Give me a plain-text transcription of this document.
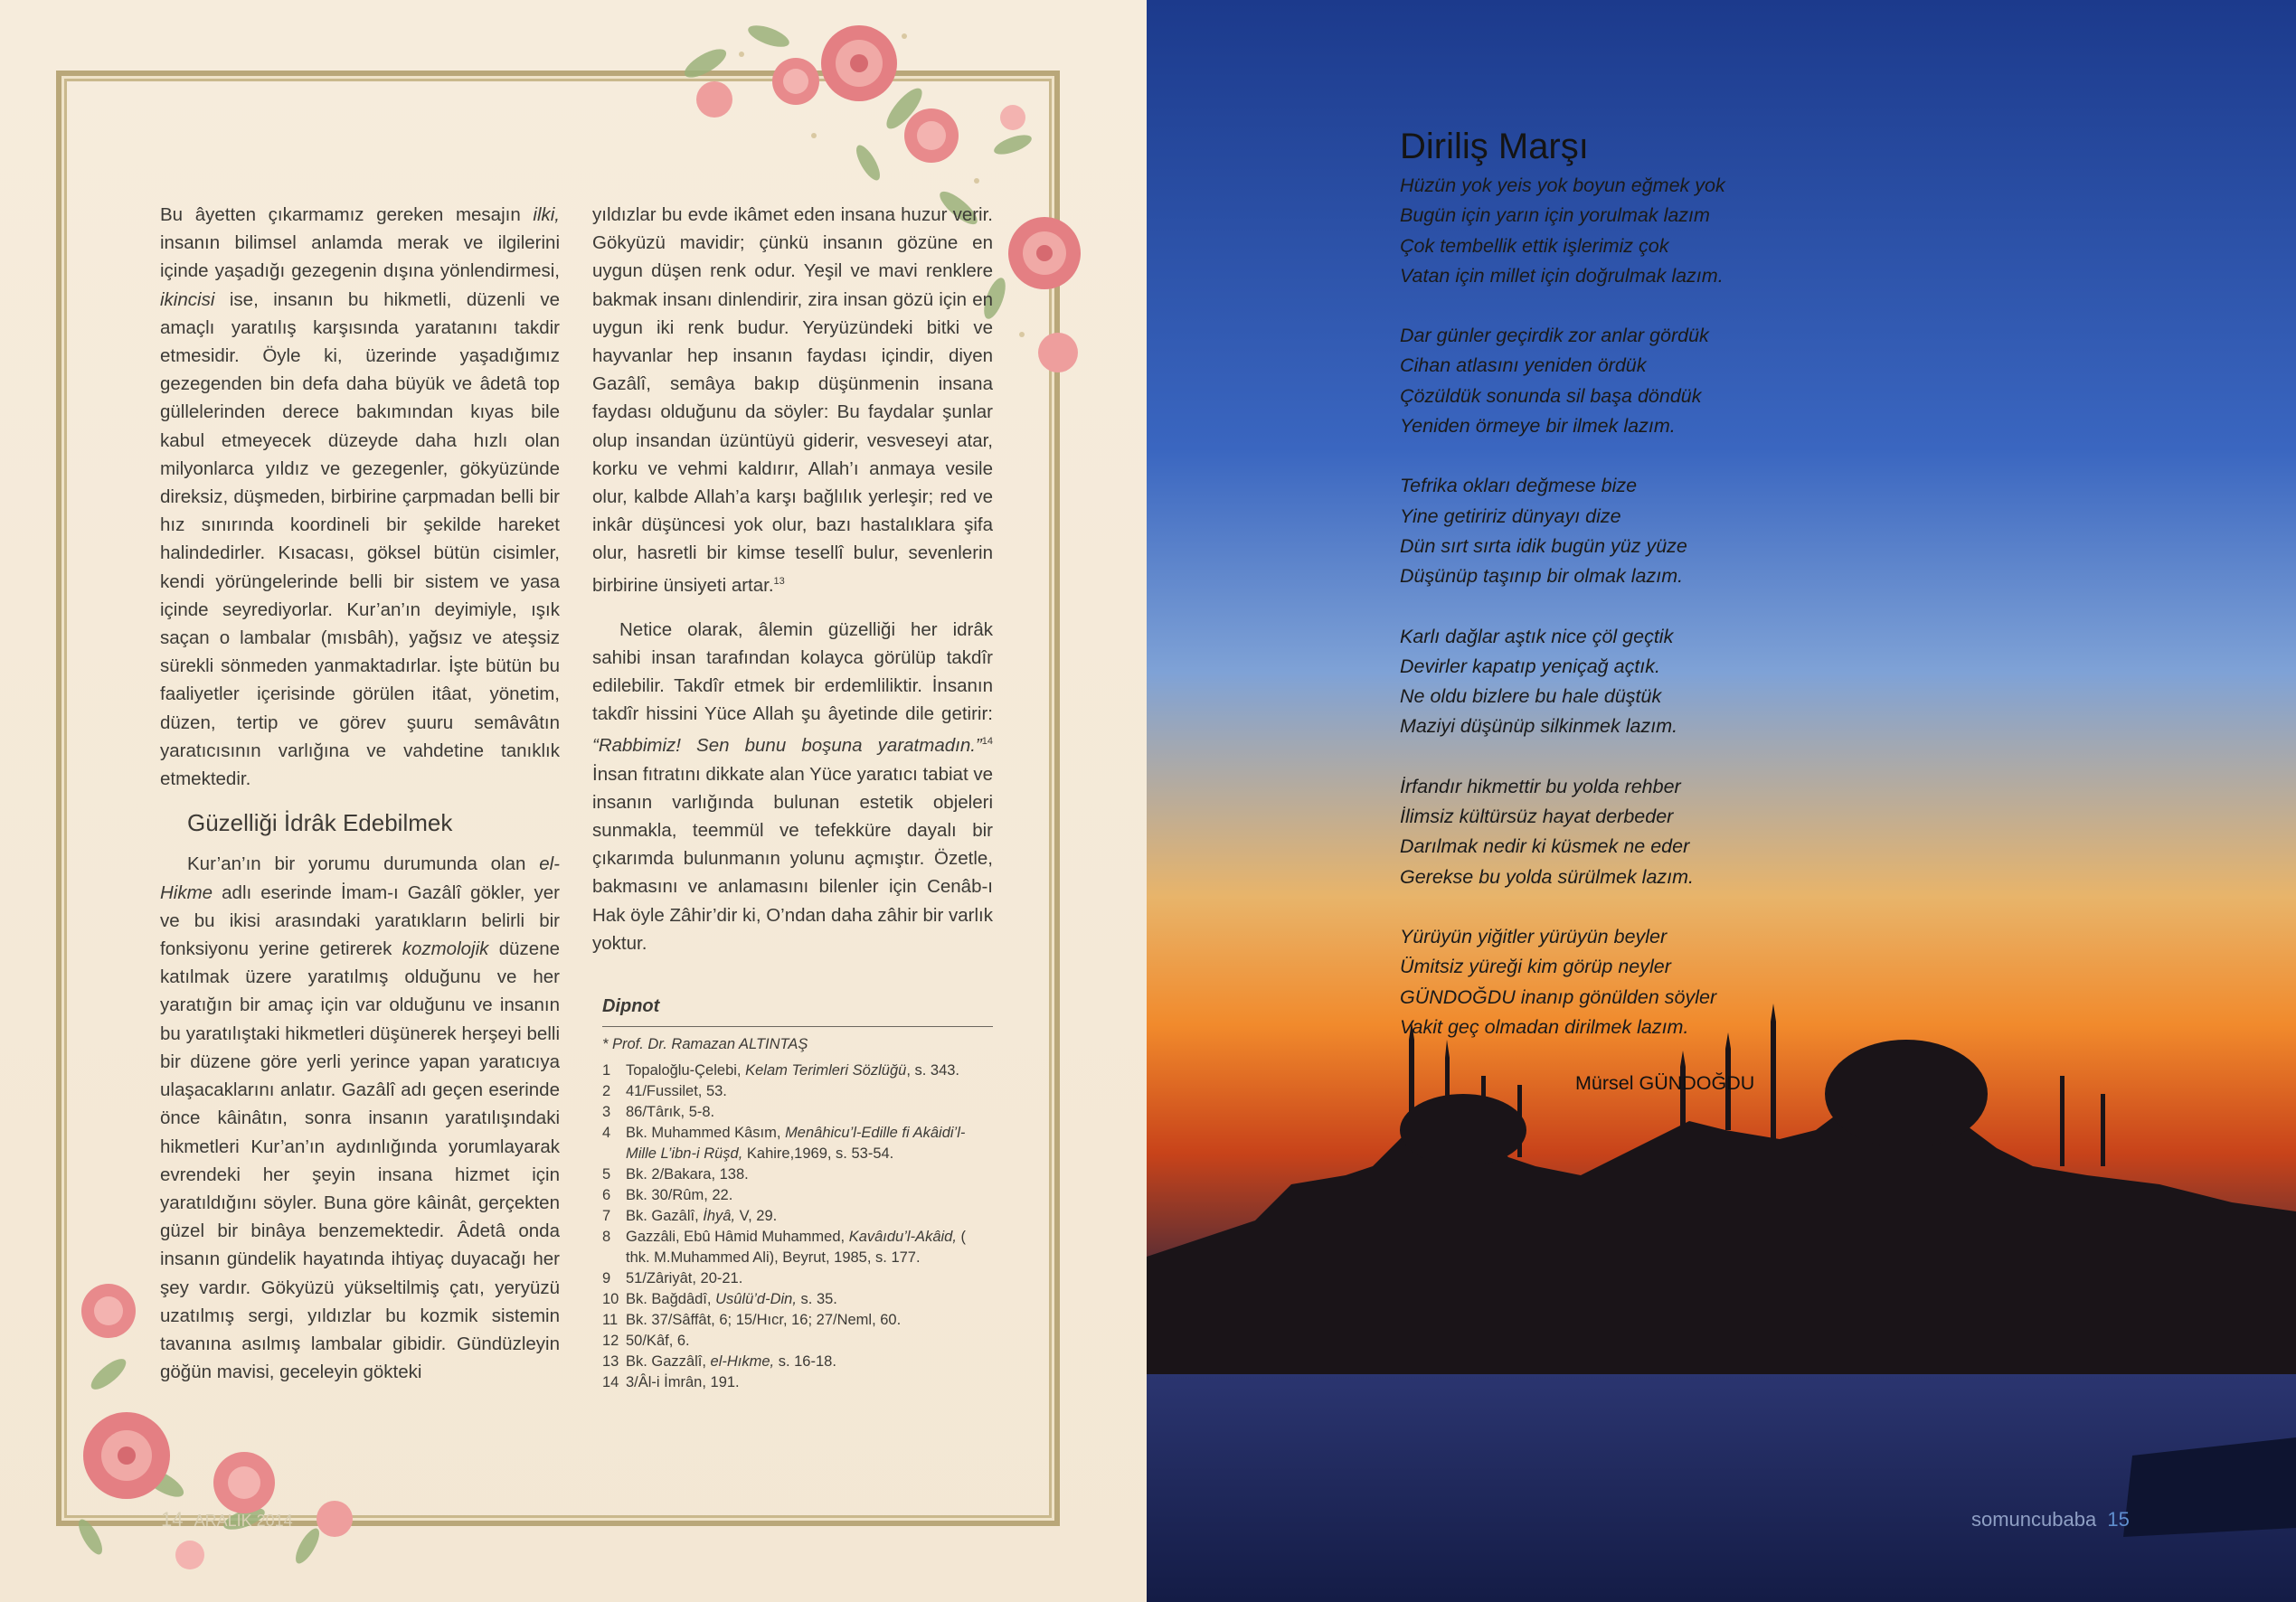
Bu âyetten çıkarmamız gereken mesajın ilki, insanın bilimsel anlamda merak ve ilgilerini içinde yaşadığı gezegenin dışına yönlendirmesi, ikincisi ise, insanın bu hikmetli, düzenli ve amaçlı yaratılış karşısında yaratanını takdir etmesidir. Öyle ki, üzerinde yaşadığımız gezegenden bin defa daha büyük ve âdetâ top güllelerinden derece bakımından kıyas bile kabul etmeyecek düzeyde daha hızlı olan milyonlarca yıldız ve gezegenler, gökyüzünde direksiz, düşmeden, birbirine çarpmadan belli bir hız sınırında koordineli bir şekilde hareket halindedirler. Kısacası, göksel bütün cisimler, kendi yörüngelerinde belli bir sistem ve yasa içinde seyrediyorlar. Kur’an’ın deyimiyle, ışık saçan o lambalar (mısbâh), yağsız ve ateşsiz sürekli sönmeden yanmaktadırlar. İşte bütün bu faaliyetler içerisinde görülen itâat, yönetim, düzen, tertip ve görev şuuru semâvâtın yaratıcısının varlığına ve vahdetine tanıklık etmektedir.

Güzelliği İdrâk Edebilmek

Kur’an’ın bir yorumu durumunda olan el-Hikme adlı eserinde İmam-ı Gazâlî gökler, yer ve bu ikisi arasındaki yaratıkların belirli bir fonksiyonu yerine getirerek kozmolojik düzene katılmak üzere yaratılmış olduğunu ve her yaratığın bir amaç için var olduğunu ve insanın bu yaratılıştaki hikmetleri düşünerek herşeyi belli bir düzene göre yerli yerince yapan yaratıcıya ulaşacaklarını anlatır. Gazâlî adı geçen eserinde önce kâinâtın, sonra insanın yaratılışındaki hikmetleri Kur’an’ın aydınlığında yorumlayarak evrendeki her şeyin insana hizmet için yaratıldığını söyler. Buna göre kâinât, gerçekten güzel bir binâya benzemektedir. Âdetâ onda insanın gündelik hayatında ihtiyaç duyacağı her şey vardır. Gökyüzü yükseltilmiş çatı, yeryüzü uzatılmış sergi, yıldızlar bu kozmik sistemin tavanına asılmış lambalar gibidir. Gündüzleyin göğün mavisi, geceleyin gökteki

yıldızlar bu evde ikâmet eden insana huzur verir. Gökyüzü mavidir; çünkü insanın gözüne en uygun düşen renk odur. Yeşil ve mavi renklere bakmak insanı dinlendirir, zira insan gözü için en uygun iki renk budur. Yeryüzündeki bitki ve hayvanlar hep insanın faydası içindir, diyen Gazâlî, semâya bakıp düşünmenin insana faydası olduğunu da söyler: Bu faydalar şunlar olup insandan üzüntüyü giderir, vesveseyi atar, korku ve vehmi kaldırır, Allah’ı anmaya vesile olur, kalbde Allah’a karşı bağlılık yerleşir; red ve inkâr düşüncesi yok olur, bazı hastalıklara şifa olur, hasretli bir kimse tesellî bulur, sevenlerin birbirine ünsiyeti artar.$^{13}$

Netice olarak, âlemin güzelliği her idrâk sahibi insan tarafından kolayca görülüp takdîr edilebilir. Takdîr etmek bir erdemliliktir. İnsanın takdîr hissini Yüce Allah şu âyetinde dile getirir: “Rabbimiz! Sen bunu boşuna yaratmadın.”$^{14}$ İnsan fıtratını dikkate alan Yüce yaratıcı tabiat ve insanın varlığında bulunan estetik objeleri sunmakla, teemmül ve tefekküre dayalı bir çıkarımda bulunmanın yolunu açmıştır. Özetle, bakmasını ve anlamasını bilenler için Cenâb-ı Hak öyle Zâhir’dir ki, O’ndan daha zâhir bir varlık yoktur.

Dipnot
* Prof. Dr. Ramazan ALTINTAŞ
1	Topaloğlu-Çelebi, Kelam Terimleri Sözlüğü, s. 343.
2	41/Fussilet, 53.
3	86/Târık, 5-8.
4	Bk. Muhammed Kâsım, Menâhicu’l-Edille fi Akâidi’l-Mille L’ibn-i Rüşd, Kahire,1969, s. 53-54.
5	Bk. 2/Bakara, 138.
6	Bk. 30/Rûm, 22.
7	Bk. Gazâlî, İhyâ, V, 29.
8	Gazzâli, Ebû Hâmid Muhammed, Kavâıdu’l-Akâid, ( thk. M.Muhammed Ali), Beyrut, 1985, s. 177.
9	51/Zâriyât, 20-21.
10 Bk. Bağdâdî, Usûlü’d-Din, s. 35.
11 Bk. 37/Sâffât, 6; 15/Hıcr, 16; 27/Neml, 60.
12 50/Kâf, 6.
13 Bk. Gazzâlî, el-Hıkme, s. 16-18.
14 3/Âl-i İmrân, 191.
14 ARALIK 2014
Diriliş Marşı
Hüzün yok yeis yok boyun eğmek yok
Bugün için yarın için yorulmak lazım
Çok tembellik ettik işlerimiz çok
Vatan için millet için doğrulmak lazım.
Dar günler geçirdik zor anlar gördük
Cihan atlasını yeniden ördük
Çözüldük sonunda sil başa döndük
Yeniden örmeye bir ilmek lazım.
Tefrika okları değmese bize
Yine getiririz dünyayı dize
Dün sırt sırta idik bugün yüz yüze
Düşünüp taşınıp bir olmak lazım.
Karlı dağlar aştık nice çöl geçtik
Devirler kapatıp yeniçağ açtık.
Ne oldu bizlere bu hale düştük
Maziyi düşünüp silkinmek lazım.
İrfandır hikmettir bu yolda rehber
İlimsiz kültürsüz hayat derbeder
Darılmak nedir ki küsmek ne eder
Gerekse bu yolda sürülmek lazım.
Yürüyün yiğitler yürüyün beyler
Ümitsiz yüreği kim görüp neyler
GÜNDOĞDU inanıp gönülden söyler
Vakit geç olmadan dirilmek lazım.
Mürsel GÜNDOĞDU
somuncubaba 15
